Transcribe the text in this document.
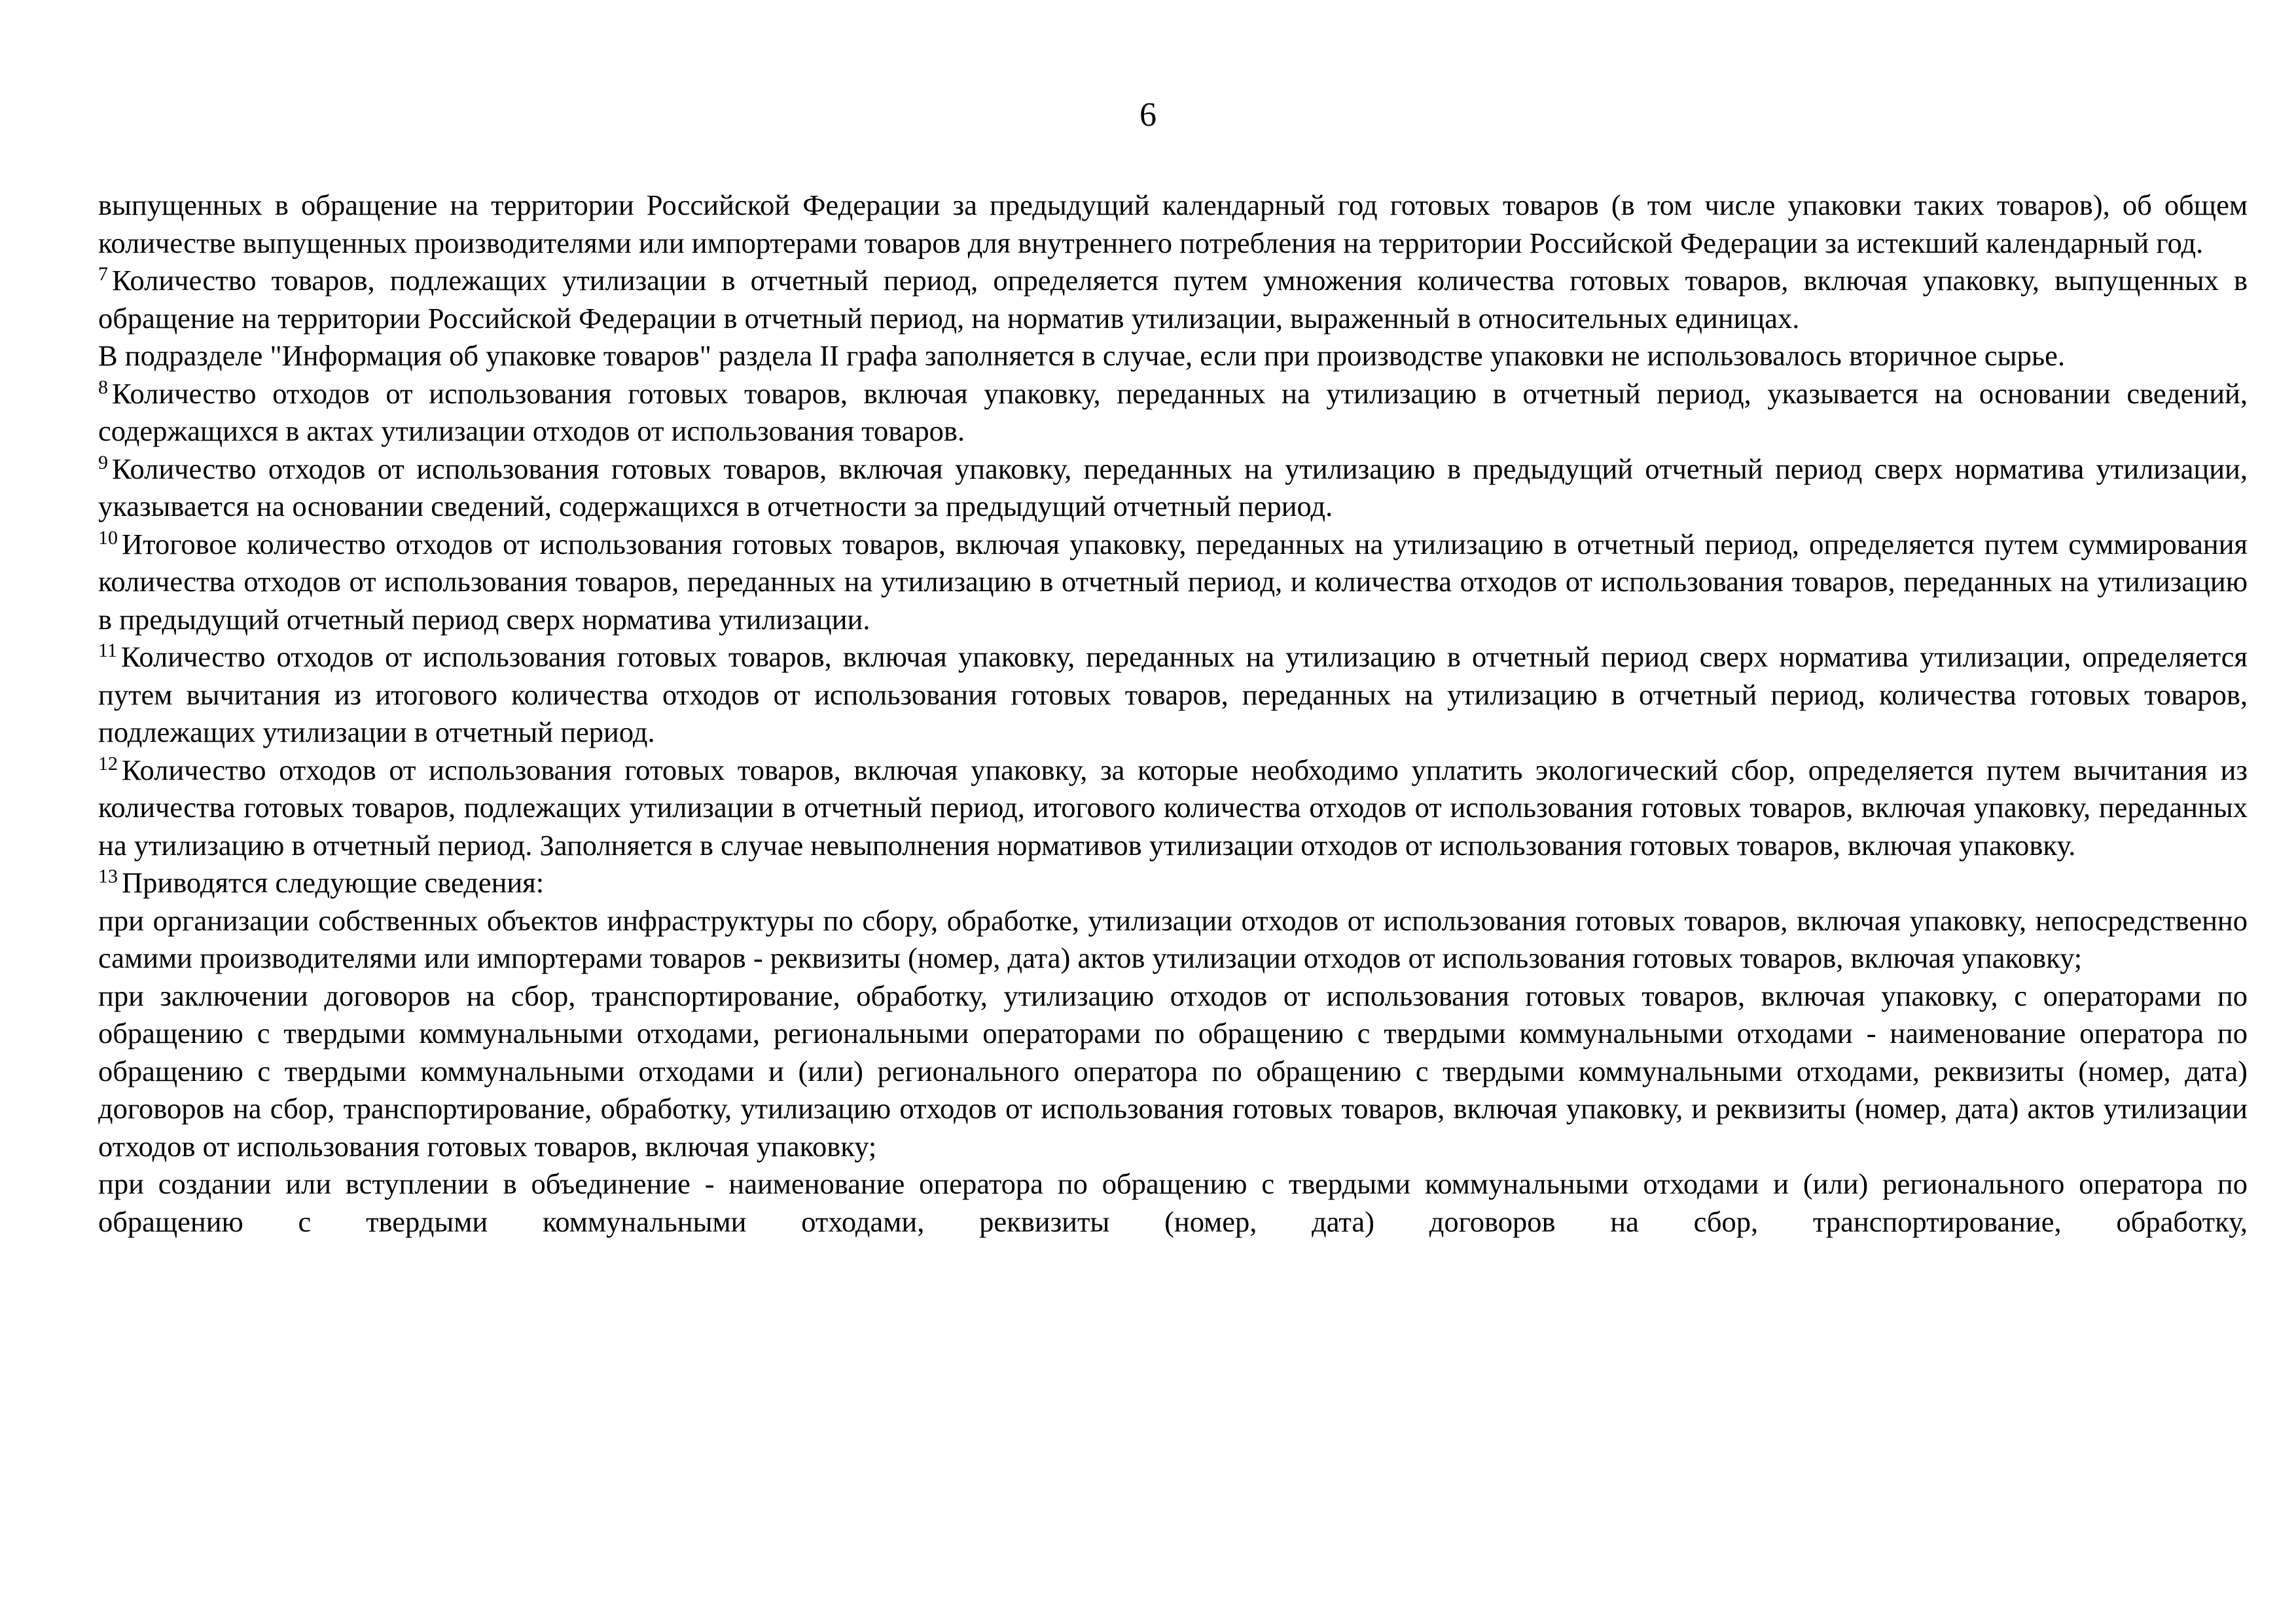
6

выпущенных в обращение на территории Российской Федерации за предыдущий календарный год готовых товаров (в том числе упаковки таких товаров), об общем количестве выпущенных производителями или импортерами товаров для внутреннего потребления на территории Российской Федерации за истекший календарный год.

$^7$ Количество товаров, подлежащих утилизации в отчетный период, определяется путем умножения количества готовых товаров, включая упаковку, выпущенных в обращение на территории Российской Федерации в отчетный период, на норматив утилизации, выраженный в относительных единицах.

В подразделе "Информация об упаковке товаров" раздела II графа заполняется в случае, если при производстве упаковки не использовалось вторичное сырье.

$^8$ Количество отходов от использования готовых товаров, включая упаковку, переданных на утилизацию в отчетный период, указывается на основании сведений, содержащихся в актах утилизации отходов от использования товаров.

$^9$ Количество отходов от использования готовых товаров, включая упаковку, переданных на утилизацию в предыдущий отчетный период сверх норматива утилизации, указывается на основании сведений, содержащихся в отчетности за предыдущий отчетный период.

$^{10}$ Итоговое количество отходов от использования готовых товаров, включая упаковку, переданных на утилизацию в отчетный период, определяется путем суммирования количества отходов от использования товаров, переданных на утилизацию в отчетный период, и количества отходов от использования товаров, переданных на утилизацию в предыдущий отчетный период сверх норматива утилизации.

$^{11}$ Количество отходов от использования готовых товаров, включая упаковку, переданных на утилизацию в отчетный период сверх норматива утилизации, определяется путем вычитания из итогового количества отходов от использования готовых товаров, переданных на утилизацию в отчетный период, количества готовых товаров, подлежащих утилизации в отчетный период.

$^{12}$ Количество отходов от использования готовых товаров, включая упаковку, за которые необходимо уплатить экологический сбор, определяется путем вычитания из количества готовых товаров, подлежащих утилизации в отчетный период, итогового количества отходов от использования готовых товаров, включая упаковку, переданных на утилизацию в отчетный период. Заполняется в случае невыполнения нормативов утилизации отходов от использования готовых товаров, включая упаковку.

$^{13}$ Приводятся следующие сведения:

при организации собственных объектов инфраструктуры по сбору, обработке, утилизации отходов от использования готовых товаров, включая упаковку, непосредственно самими производителями или импортерами товаров - реквизиты (номер, дата) актов утилизации отходов от использования готовых товаров, включая упаковку;

при заключении договоров на сбор, транспортирование, обработку, утилизацию отходов от использования готовых товаров, включая упаковку, с операторами по обращению с твердыми коммунальными отходами, региональными операторами по обращению с твердыми коммунальными отходами - наименование оператора по обращению с твердыми коммунальными отходами и (или) регионального оператора по обращению с твердыми коммунальными отходами, реквизиты (номер, дата) договоров на сбор, транспортирование, обработку, утилизацию отходов от использования готовых товаров, включая упаковку, и реквизиты (номер, дата) актов утилизации отходов от использования готовых товаров, включая упаковку;

при создании или вступлении в объединение - наименование оператора по обращению с твердыми коммунальными отходами и (или) регионального оператора по обращению с твердыми коммунальными отходами, реквизиты (номер, дата) договоров на сбор, транспортирование, обработку,
